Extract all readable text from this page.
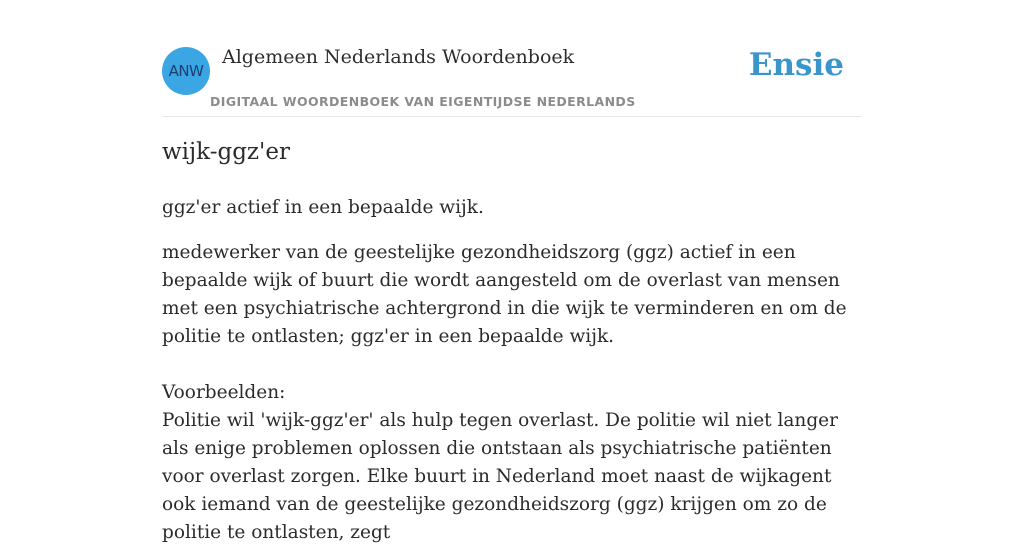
ANW
Algemeen Nederlands Woordenboek
DIGITAAL WOORDENBOEK VAN EIGENTIJDSE NEDERLANDS
Ensie
wijk-ggz'er

ggz'er actief in een bepaalde wijk.

medewerker van de geestelijke gezondheidszorg (ggz) actief in een bepaalde wijk of buurt die wordt aangesteld om de overlast van mensen met een psychiatrische achtergrond in die wijk te verminderen en om de politie te ontlasten; ggz'er in een bepaalde wijk.

Voorbeelden:

Politie wil 'wijk-ggz'er' als hulp tegen overlast. De politie wil niet langer als enige problemen oplossen die ontstaan als psychiatrische patiënten voor overlast zorgen. Elke buurt in Nederland moet naast de wijkagent ook iemand van de geestelijke gezondheidszorg (ggz) krijgen om zo de politie te ontlasten, zegt
